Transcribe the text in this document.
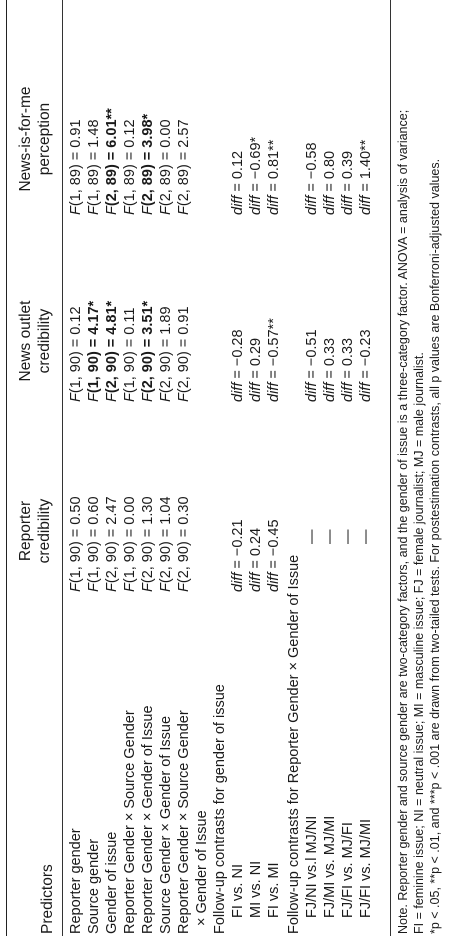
Predictors
Reporter credibility
News outlet credibility
News-is-for-me perception
Reporter gender
F(1, 90) = 0.50
F(1, 90) = 0.12
F(1, 89) = 0.91
Source gender
F(1, 90) = 0.60
F(1, 90) = 4.17*
F(1, 89) = 1.48
Gender of issue
F(2, 90) = 2.47
F(2, 90) = 4.81*
F(2, 89) = 6.01**
Reporter Gender × Source Gender
F(1, 90) = 0.00
F(1, 90) = 0.11
F(1, 89) = 0.12
Reporter Gender × Gender of Issue
F(2, 90) = 1.30
F(2, 90) = 3.51*
F(2, 89) = 3.98*
Source Gender × Gender of Issue
F(2, 90) = 1.04
F(2, 90) = 1.89
F(2, 89) = 0.00
Reporter Gender × Source Gender
F(2, 90) = 0.30
F(2, 90) = 0.91
F(2, 89) = 2.57
× Gender of Issue Follow-up contrasts for gender of issue FI vs. NI
diff = −0.21
diff = −0.28
diff = 0.12
MI vs. NI
diff = 0.24
diff = 0.29
diff = −0.69*
FI vs. MI
diff = −0.45
diff = −0.57**
diff = 0.81**
Follow-up contrasts for Reporter Gender × Gender of Issue FJ/NI vs.l MJ/NI
—
diff = −0.51
diff = −0.58
FJ/MI vs. MJ/MI
—
diff = 0.33
diff = 0.80
FJ/FI vs. MJ/FI
—
diff = 0.33
diff = 0.39
FJ/FI vs. MJ/MI
—
diff = −0.23
diff = 1.40** Note. Reporter gender and source gender are two-category factors, and the gender of issue is a three-category factor. ANOVA = analysis of variance; FI = feminine issue; NI = neutral issue; MI = masculine issue; FJ = female journalist; MJ = male journalist. *p < .05, **p < .01, and ***p < .001 are drawn from two-tailed tests. For postestimation contrasts, all p values are Bonferroni-adjusted values.
